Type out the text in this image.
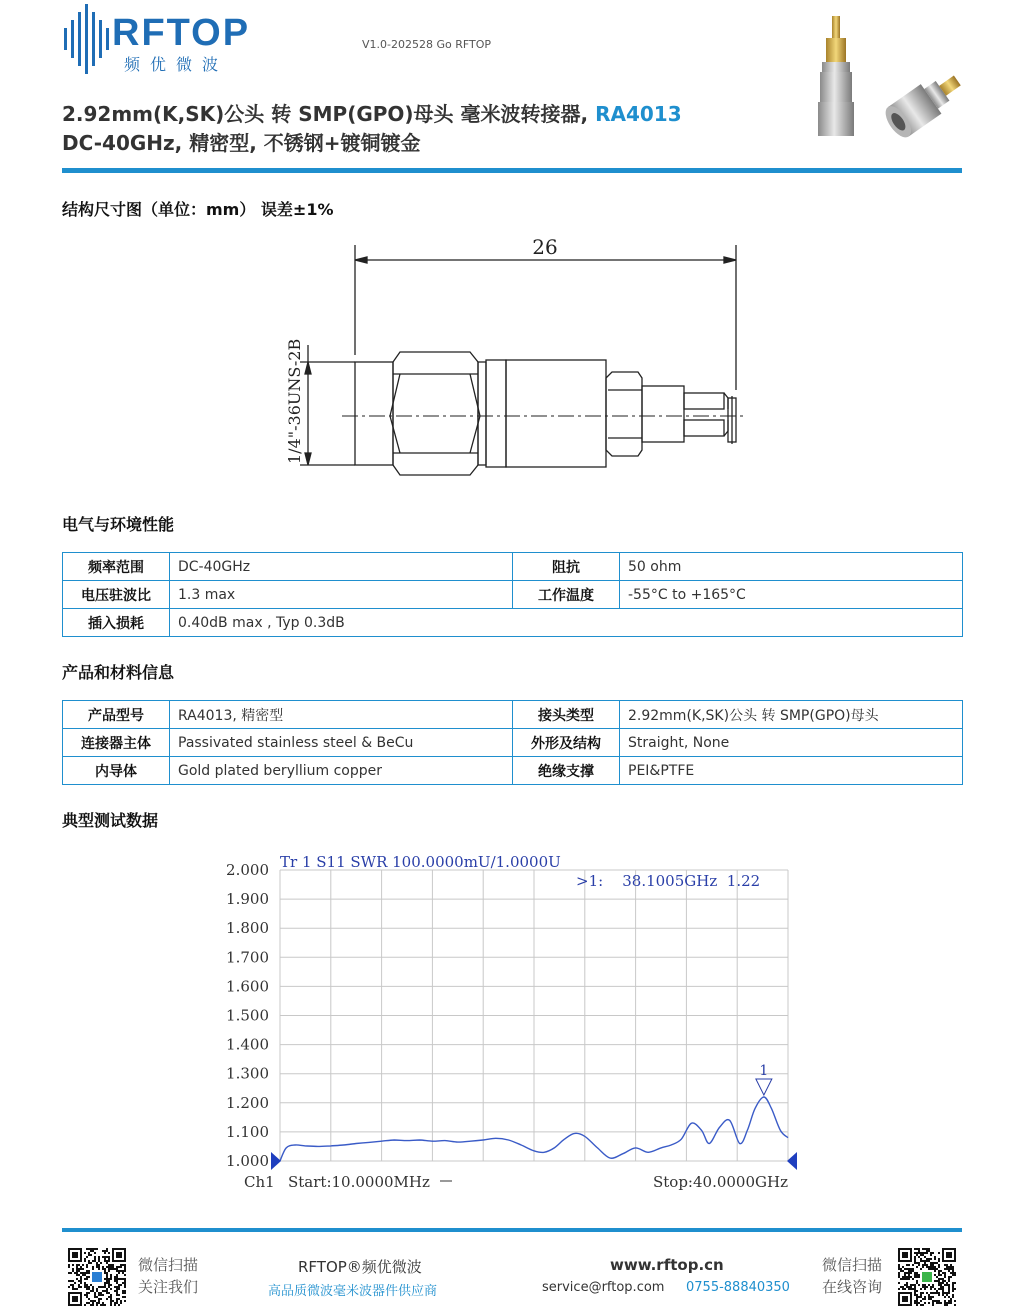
RFTOP
频优微波
V1.0-202528 Go RFTOP
2.92mm(K,SK)公头 转 SMP(GPO)母头 毫米波转接器, RA4013
DC-40GHz, 精密型, 不锈钢+镀铜镀金
结构尺寸图（单位：mm） 误差±1%
26
1/4"-36UNS-2B
电气与环境性能
频率范围	DC-40GHz	阻抗	50 ohm
电压驻波比	1.3 max	工作温度	-55°C to +165°C
插入损耗	0.40dB max , Typ 0.3dB		
产品和材料信息
产品型号	RA4013, 精密型	接头类型	2.92mm(K,SK)公头 转 SMP(GPO)母头
连接器主体	Passivated stainless steel & BeCu	外形及结构	Straight, None
内导体	Gold plated beryllium copper	绝缘支撑	PEI&PTFE
典型测试数据
2.000
1.900
1.800
1.700
1.600
1.500
1.400
1.300
1.200
1.100
1.000
Tr 1 S11 SWR 100.0000mU/1.0000U
>1:    38.1005GHz  1.22
1
Ch1 Start:10.0000MHz	Stop:40.0000GHz
微信扫描
关注我们
RFTOP®频优微波
高品质微波毫米波器件供应商
www.rftop.cn
service@rftop.com 0755-88840350
微信扫描
在线咨询
